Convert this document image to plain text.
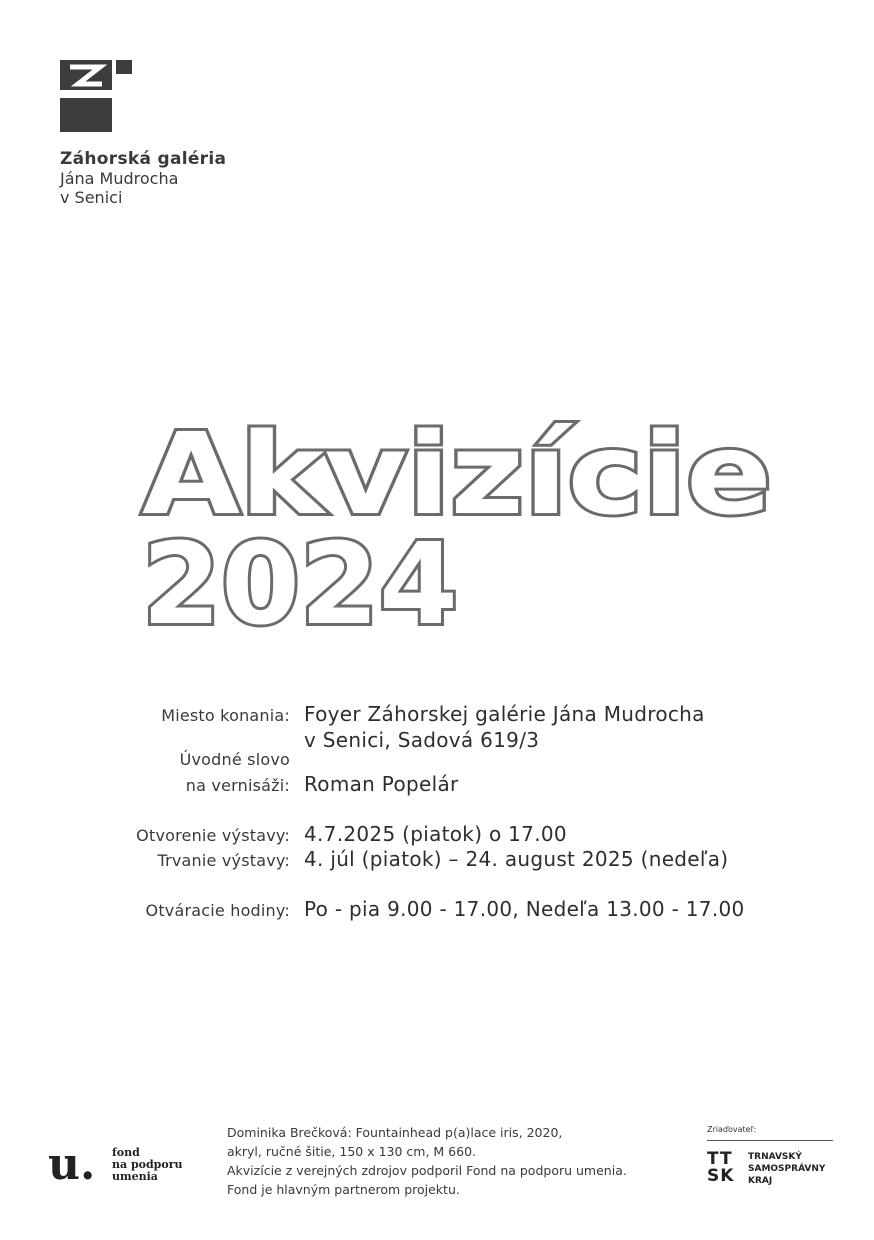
Záhorská galéria
Jána Mudrocha
v Senici
Akvizície
2024
Miesto konania: Foyer Záhorskej galérie Jána Mudrocha
v Senici, Sadová 619/3
Úvodné slovo
na vernisáži: Roman Popelár
Otvorenie výstavy: 4.7.2025 (piatok) o 17.00
Trvanie výstavy: 4. júl (piatok) – 24. august 2025 (nedeľa)
Otváracie hodiny: Po - pia 9.00 - 17.00, Nedeľa 13.00 - 17.00
u. fond
na podporu
umenia
Dominika Brečková: Fountainhead p(a)lace iris, 2020,
akryl, ručné šitie, 150 x 130 cm, M 660.
Akvizície z verejných zdrojov podporil Fond na podporu umenia.
Fond je hlavným partnerom projektu.
Zriaďovateľ:
TT
SK
TRNAVSKÝ
SAMOSPRÁVNY
KRAJ
